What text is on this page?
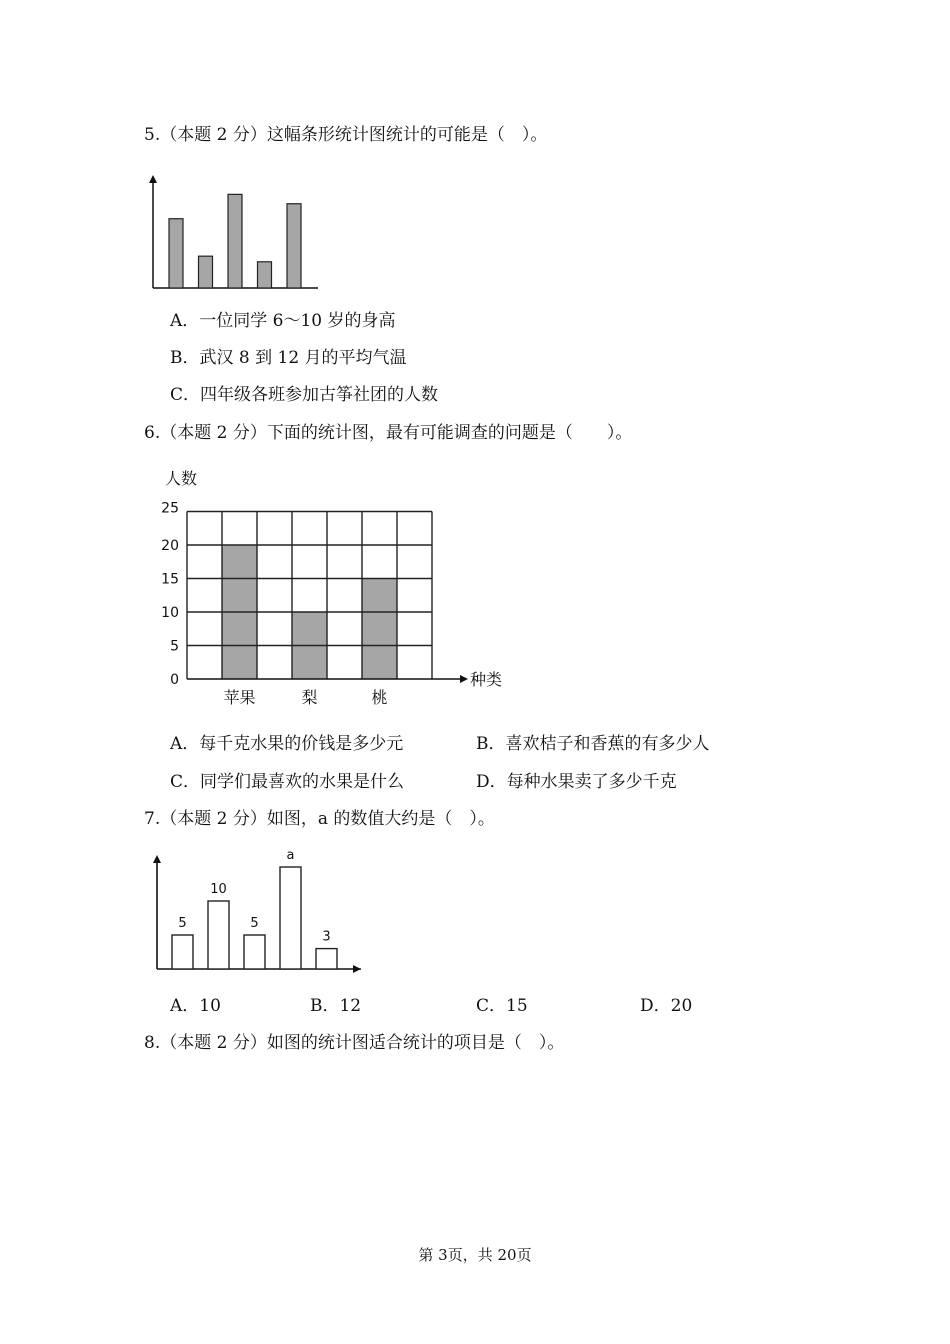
5.（本题 2 分）这幅条形统计图统计的可能是（　）。
A．一位同学 6～10 岁的身高
B．武汉 8 到 12 月的平均气温
C．四年级各班参加古筝社团的人数
6.（本题 2 分）下面的统计图，最有可能调查的问题是（　　）。
0
5
10
15
20
25
苹果	梨	桃
人数
种类
A．每千克水果的价钱是多少元	B．喜欢桔子和香蕉的有多少人
C．同学们最喜欢的水果是什么	D．每种水果卖了多少千克
7.（本题 2 分）如图，a 的数值大约是（　）。
5
10
5
a
3
A．10	B．12	C．15	D．20
8.（本题 2 分）如图的统计图适合统计的项目是（　）。
第 3页，共 20页
